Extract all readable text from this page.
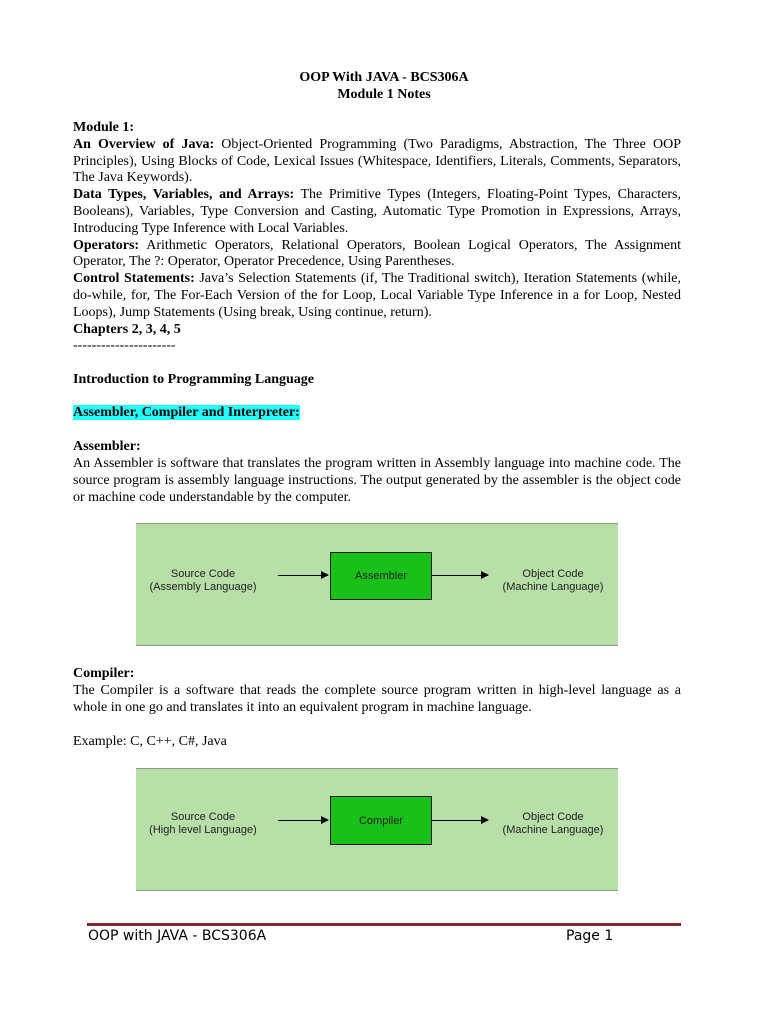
OOP With JAVA - BCS306A
Module 1 Notes

Module 1:

An Overview of Java: Object-Oriented Programming (Two Paradigms, Abstraction, The Three OOP Principles), Using Blocks of Code, Lexical Issues (Whitespace, Identifiers, Literals, Comments, Separators, The Java Keywords).

Data Types, Variables, and Arrays: The Primitive Types (Integers, Floating-Point Types, Characters, Booleans), Variables, Type Conversion and Casting, Automatic Type Promotion in Expressions, Arrays, Introducing Type Inference with Local Variables.

Operators: Arithmetic Operators, Relational Operators, Boolean Logical Operators, The Assignment Operator, The ?: Operator, Operator Precedence, Using Parentheses.

Control Statements: Java’s Selection Statements (if, The Traditional switch), Iteration Statements (while, do-while, for, The For-Each Version of the for Loop, Local Variable Type Inference in a for Loop, Nested Loops), Jump Statements (Using break, Using continue, return).

Chapters 2, 3, 4, 5

----------------------

Introduction to Programming Language
Assembler, Compiler and Interpreter:
Assembler:
An Assembler is software that translates the program written in Assembly language into machine code. The source program is assembly language instructions. The output generated by the assembler is the object code or machine code understandable by the computer.
Source Code
(Assembly Language)
Assembler	Object Code
(Machine Language)
Compiler:
The Compiler is a software that reads the complete source program written in high-level language as a whole in one go and translates it into an equivalent program in machine language.
Example: C, C++, C#, Java
Source Code
(High level Language)
Compiler	Object Code
(Machine Language)
OOP with JAVA - BCS306A	Page 1
